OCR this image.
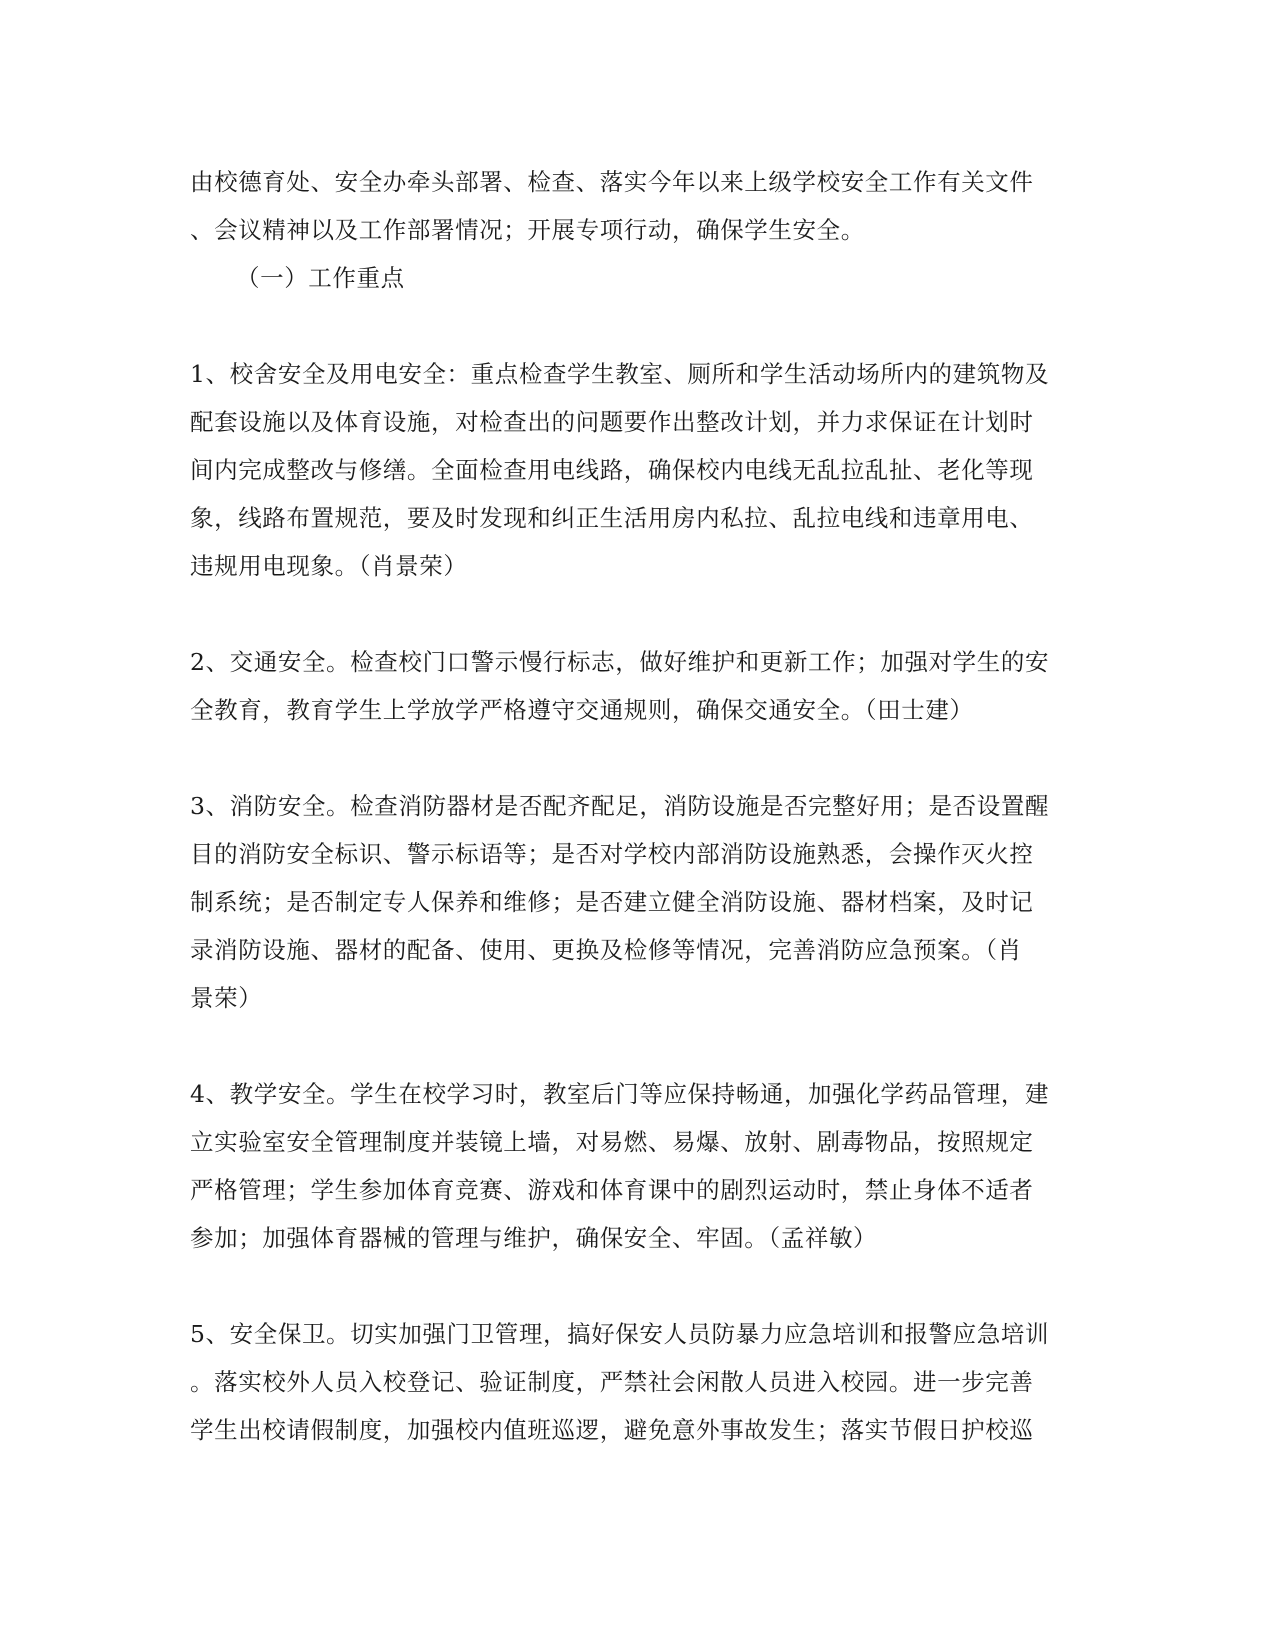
由校德育处、安全办牵头部署、检查、落实今年以来上级学校安全工作有关文件
、会议精神以及工作部署情况；开展专项行动，确保学生安全。
（一）工作重点
1、校舍安全及用电安全：重点检查学生教室、厕所和学生活动场所内的建筑物及
配套设施以及体育设施，对检查出的问题要作出整改计划，并力求保证在计划时
间内完成整改与修缮。全面检查用电线路，确保校内电线无乱拉乱扯、老化等现
象，线路布置规范，要及时发现和纠正生活用房内私拉、乱拉电线和违章用电、
违规用电现象。（肖景荣）
2、交通安全。检查校门口警示慢行标志，做好维护和更新工作；加强对学生的安
全教育，教育学生上学放学严格遵守交通规则，确保交通安全。（田士建）
3、消防安全。检查消防器材是否配齐配足，消防设施是否完整好用；是否设置醒
目的消防安全标识、警示标语等；是否对学校内部消防设施熟悉，会操作灭火控
制系统；是否制定专人保养和维修；是否建立健全消防设施、器材档案，及时记
录消防设施、器材的配备、使用、更换及检修等情况，完善消防应急预案。（肖
景荣）
4、教学安全。学生在校学习时，教室后门等应保持畅通，加强化学药品管理，建
立实验室安全管理制度并装镜上墙，对易燃、易爆、放射、剧毒物品，按照规定
严格管理；学生参加体育竞赛、游戏和体育课中的剧烈运动时，禁止身体不适者
参加；加强体育器械的管理与维护，确保安全、牢固。（孟祥敏）
5、安全保卫。切实加强门卫管理，搞好保安人员防暴力应急培训和报警应急培训
。落实校外人员入校登记、验证制度，严禁社会闲散人员进入校园。进一步完善
学生出校请假制度，加强校内值班巡逻，避免意外事故发生；落实节假日护校巡
